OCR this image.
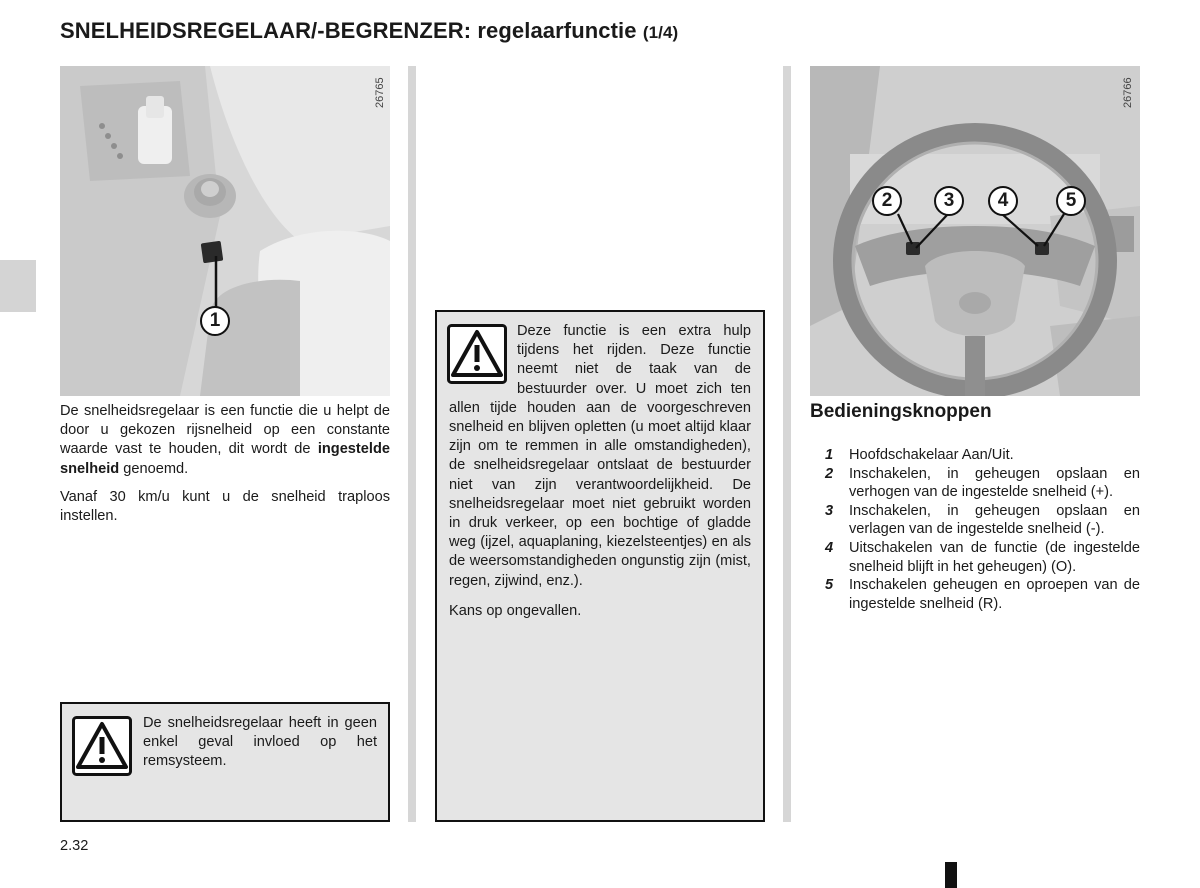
SNELHEIDSREGELAAR/-BEGRENZER: regelaarfunctie (1/4)
26765
1
26766
2	3	4	5

De snelheidsregelaar is een functie die u helpt de door u gekozen rijsnelheid op een constante waarde vast te houden, dit wordt de ingestelde snelheid genoemd.

Vanaf 30 km/u kunt u de snelheid traploos instellen.

De snelheidsregelaar heeft in geen enkel geval invloed op het remsysteem.

Deze functie is een extra hulp tijdens het rijden. Deze functie neemt niet de taak van de bestuurder over. U moet zich ten allen tijde houden aan de voorgeschreven snelheid en blijven opletten (u moet altijd klaar zijn om te remmen in alle omstandigheden), de snelheidsregelaar ontslaat de bestuurder niet van zijn verantwoordelijkheid. De snelheidsregelaar moet niet gebruikt worden in druk verkeer, op een bochtige of gladde weg (ijzel, aquaplaning, kiezelsteentjes) en als de weersomstandigheden ongunstig zijn (mist, regen, zijwind, enz.).

Kans op ongevallen.

Bedieningsknoppen
1 Hoofdschakelaar Aan/Uit.
2 Inschakelen, in geheugen opslaan en verhogen van de ingestelde snelheid (+).
3 Inschakelen, in geheugen opslaan en verlagen van de ingestelde snelheid (-).
4 Uitschakelen van de functie (de ingestelde snelheid blijft in het geheugen) (O).
5 Inschakelen geheugen en oproepen van de ingestelde snelheid (R).
2.32
